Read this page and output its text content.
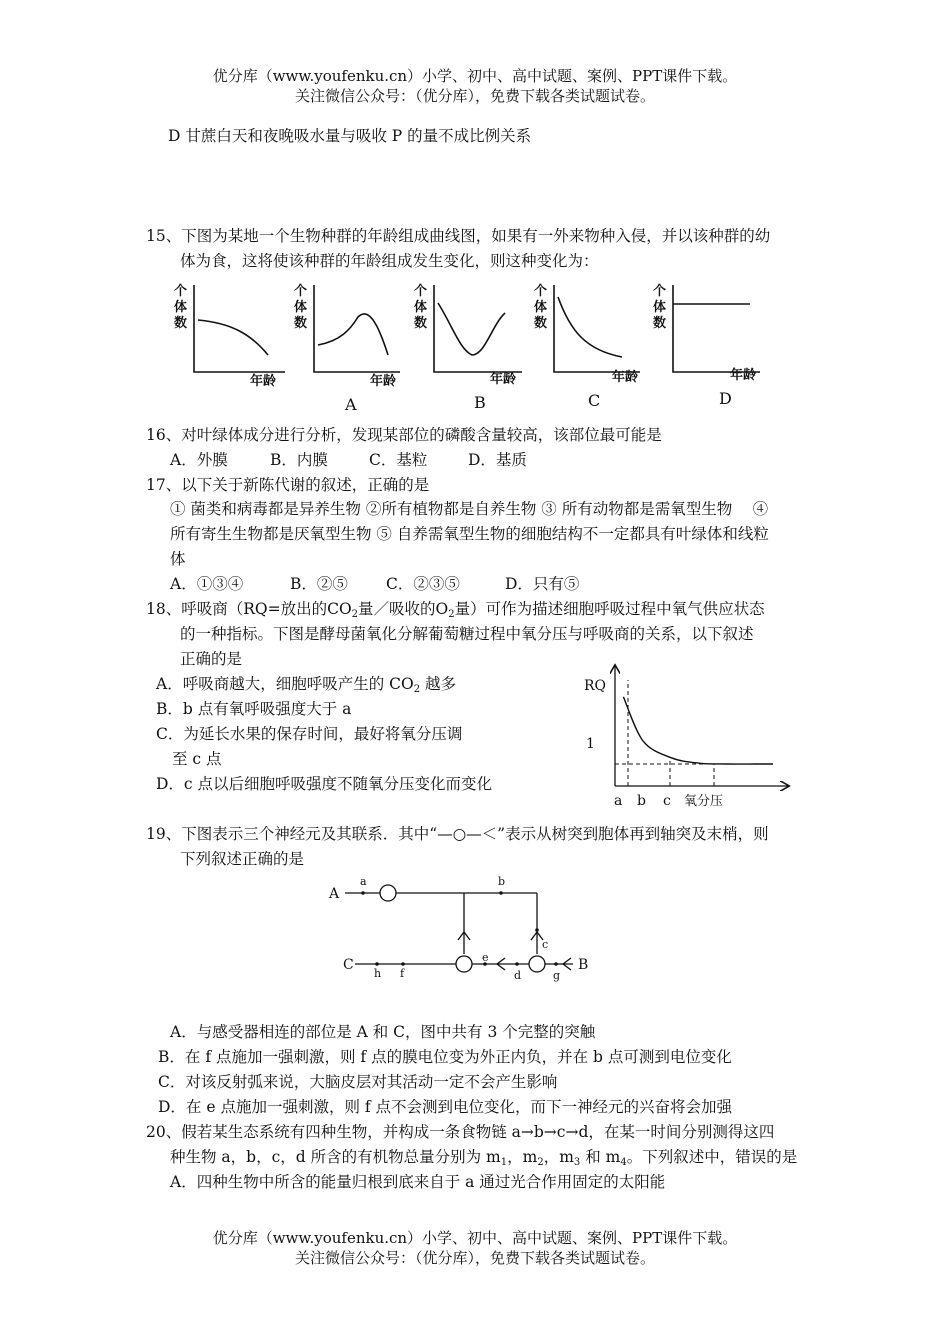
优分库（www.youfenku.cn）小学、初中、高中试题、案例、PPT课件下载。
关注微信公众号：（优分库），免费下载各类试题试卷。
D 甘蔗白天和夜晚吸水量与吸收 P 的量不成比例关系
15、下图为某地一个生物种群的年龄组成曲线图，如果有一外来物种入侵，并以该种群的幼
体为食，这将使该种群的年龄组成发生变化，则这种变化为：
个
体
数
个
体
数
个
体
数
个
体
数
个
体
数
年龄	年龄	年龄	年龄	年龄
A	B	C	D
16、对叶绿体成分进行分析，发现某部位的磷酸含量较高，该部位最可能是
A．外膜	B．内膜	C．基粒	D．基质
17、以下关于新陈代谢的叙述，正确的是
① 菌类和病毒都是异养生物 ②所有植物都是自养生物 ③ 所有动物都是需氧型生物　 ④
所有寄生生物都是厌氧型生物 ⑤ 自养需氧型生物的细胞结构不一定都具有叶绿体和线粒
体
A．①③④	B．②⑤ C．②③⑤	D．只有⑤
18、呼吸商（RQ=放出的$CO_2$量／吸收的$O_2$量）可作为描述细胞呼吸过程中氧气供应状态
的一种指标。下图是酵母菌氧化分解葡萄糖过程中氧分压与呼吸商的关系，以下叙述
正确的是
A．呼吸商越大，细胞呼吸产生的 $CO_2$ 越多
B．b 点有氧呼吸强度大于 a
C．为延长水果的保存时间，最好将氧分压调
至 c 点
D．c 点以后细胞呼吸强度不随氧分压变化而变化
RQ
1
a b c 氧分压
19、下图表示三个神经元及其联系．其中“—○—＜”表示从树突到胞体再到轴突及末梢，则
下列叙述正确的是
A
C	B
a	b
c
d
e
f	g
h
A．与感受器相连的部位是 A 和 C，图中共有 3 个完整的突触
B．在 f 点施加一强刺激，则 f 点的膜电位变为外正内负，并在 b 点可测到电位变化
C．对该反射弧来说，大脑皮层对其活动一定不会产生影响
D．在 e 点施加一强刺激，则 f 点不会测到电位变化，而下一神经元的兴奋将会加强
20、假若某生态系统有四种生物，并构成一条食物链 a→b→c→d，在某一时间分别测得这四
种生物 a，b，c，d 所含的有机物总量分别为 $m_1$，$m_2$，$m_3$ 和 $m_4$。下列叙述中，错误的是
A．四种生物中所含的能量归根到底来自于 a 通过光合作用固定的太阳能
优分库（www.youfenku.cn）小学、初中、高中试题、案例、PPT课件下载。
关注微信公众号：（优分库），免费下载各类试题试卷。
